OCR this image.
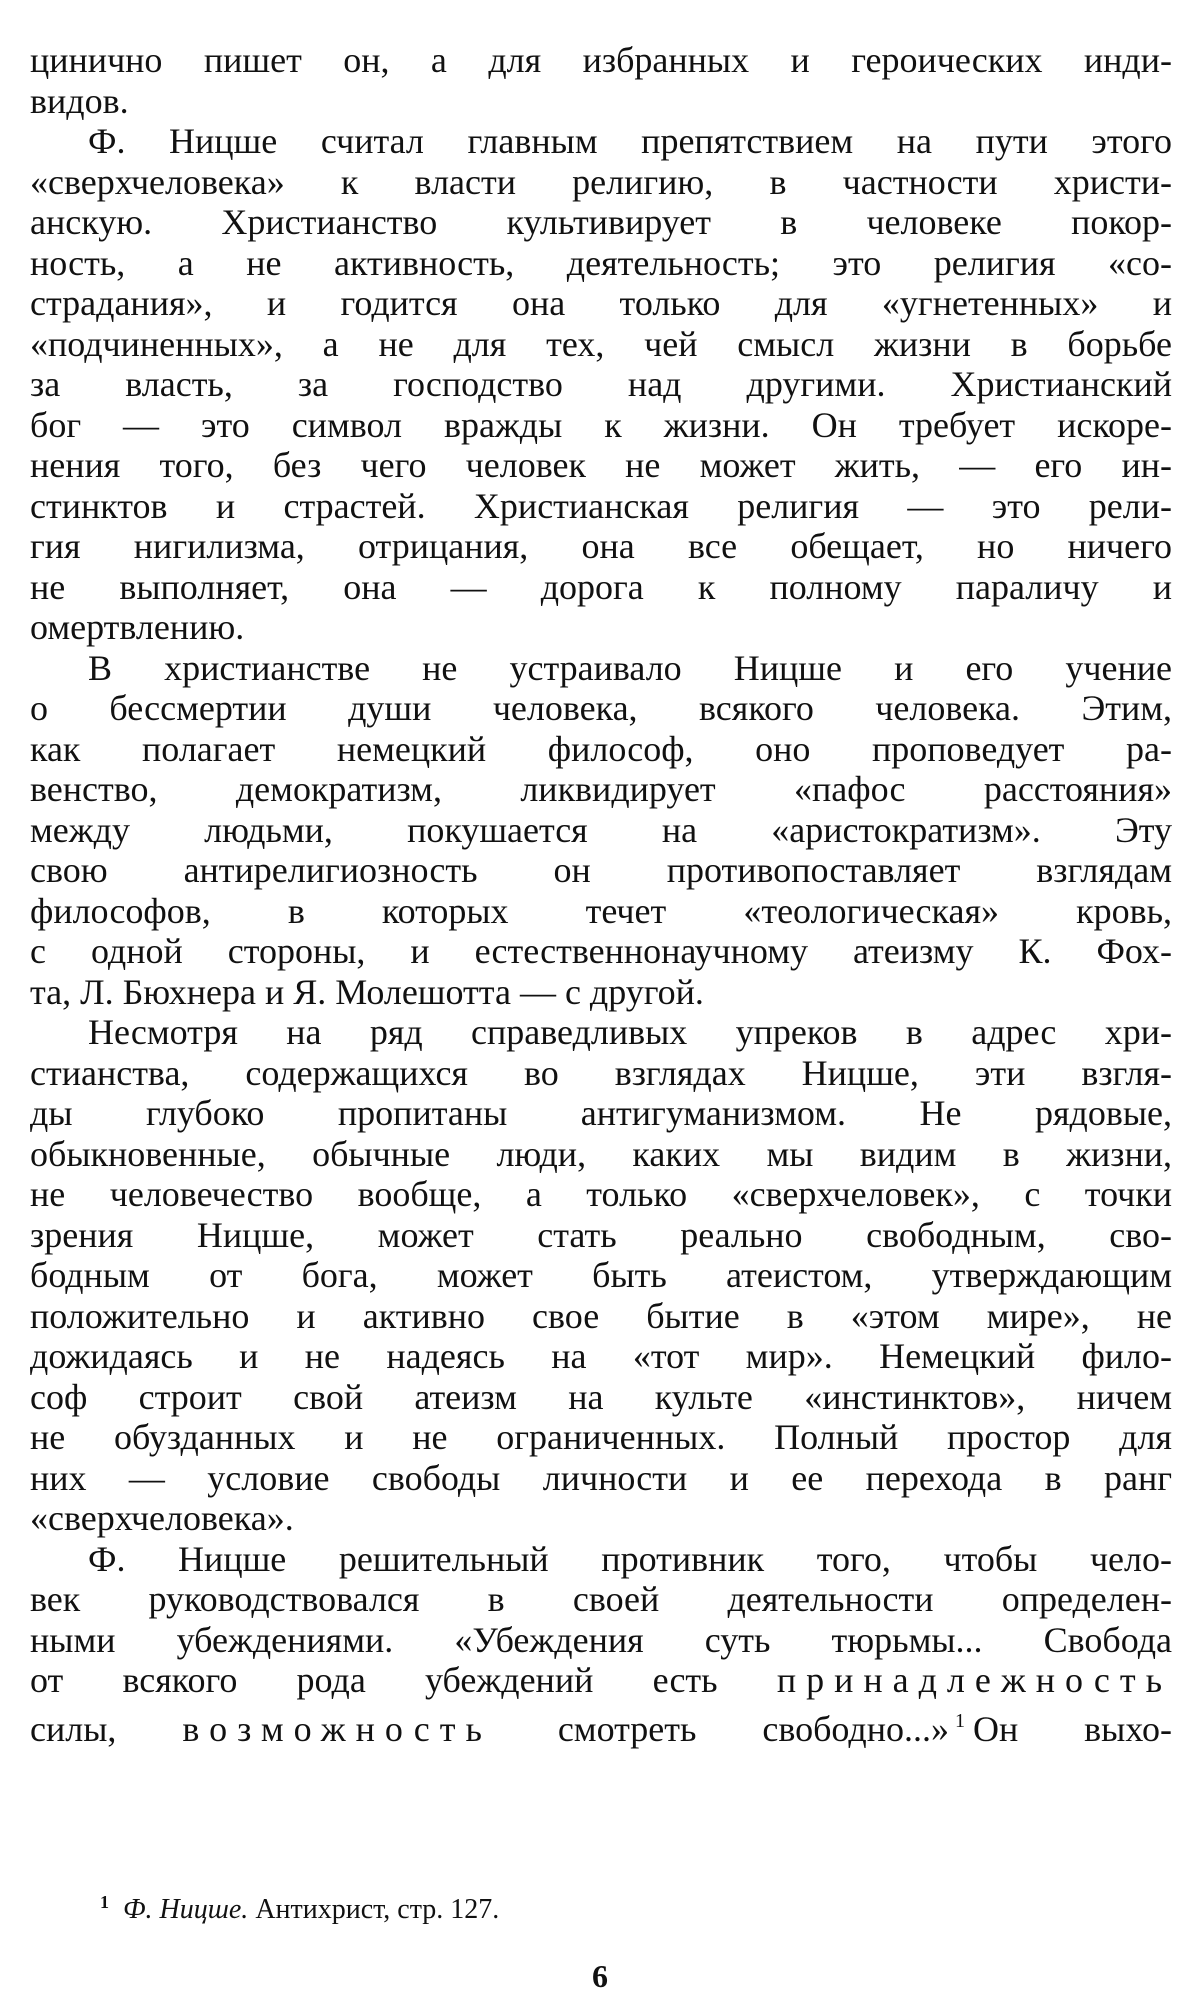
цинично пишет он, а для избранных и героических инди-
видов.
Ф. Ницше считал главным препятствием на пути этого
«сверхчеловека» к власти религию, в частности христи-
анскую. Христианство культивирует в человеке покор-
ность, а не активность, деятельность; это религия «со-
страдания», и годится она только для «угнетенных» и
«подчиненных», а не для тех, чей смысл жизни в борьбе
за власть, за господство над другими. Христианский
бог — это символ вражды к жизни. Он требует искоре-
нения того, без чего человек не может жить, — его ин-
стинктов и страстей. Христианская религия — это рели-
гия нигилизма, отрицания, она все обещает, но ничего
не выполняет, она — дорога к полному параличу и
омертвлению.
В христианстве не устраивало Ницше и его учение
о бессмертии души человека, всякого человека. Этим,
как полагает немецкий философ, оно проповедует ра-
венство, демократизм, ликвидирует «пафос расстояния»
между людьми, покушается на «аристократизм». Эту
свою антирелигиозность он противопоставляет взглядам
философов, в которых течет «теологическая» кровь,
с одной стороны, и естественнонаучному атеизму К. Фох-
та, Л. Бюхнера и Я. Молешотта — с другой.
Несмотря на ряд справедливых упреков в адрес хри-
стианства, содержащихся во взглядах Ницше, эти взгля-
ды глубоко пропитаны антигуманизмом. Не рядовые,
обыкновенные, обычные люди, каких мы видим в жизни,
не человечество вообще, а только «сверхчеловек», с точки
зрения Ницше, может стать реально свободным, сво-
бодным от бога, может быть атеистом, утверждающим
положительно и активно свое бытие в «этом мире», не
дожидаясь и не надеясь на «тот мир». Немецкий фило-
соф строит свой атеизм на культе «инстинктов», ничем
не обузданных и не ограниченных. Полный простор для
них — условие свободы личности и ее перехода в ранг
«сверхчеловека».
Ф. Ницше решительный противник того, чтобы чело-
век руководствовался в своей деятельности определен-
ными убеждениями. «Убеждения суть тюрьмы... Свобода
от всякого рода убеждений есть принадлежность
силы, возможность смотреть свободно...» $^1$ Он выхо-
$^1$ Ф. Ницше. Антихрист, стр. 127.
6
